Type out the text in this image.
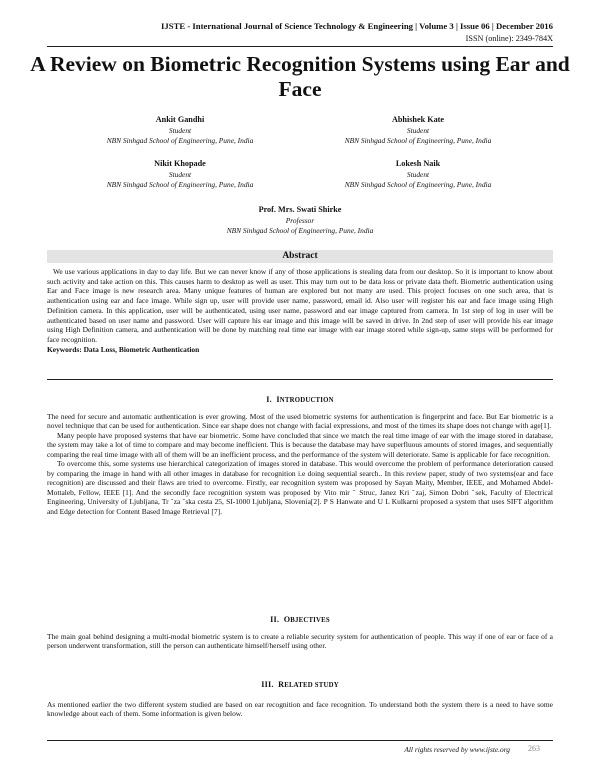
IJSTE - International Journal of Science Technology & Engineering | Volume 3 | Issue 06 | December 2016
ISSN (online): 2349-784X
A Review on Biometric Recognition Systems using Ear and Face
Ankit Gandhi
Student
NBN Sinhgad School of Engineering, Pune, India
Abhishek Kate
Student
NBN Sinhgad School of Engineering, Pune, India
Nikit Khopade
Student
NBN Sinhgad School of Engineering, Pune, India
Lokesh Naik
Student
NBN Sinhgad School of Engineering, Pune, India
Prof. Mrs. Swati Shirke
Professor
NBN Sinhgad School of Engineering, Pune, India
Abstract

We use various applications in day to day life. But we can never know if any of those applications is stealing data from our desktop. So it is important to know about such activity and take action on this. This causes harm to desktop as well as user. This may turn out to be data loss or private data theft. Biometric authentication using Ear and Face image is new research area. Many unique features of human are explored but not many are used. This project focuses on one such area, that is authentication using ear and face image. While sign up, user will provide user name, password, email id. Also user will register his ear and face image using High Definition camera. In this application, user will be authenticated, using user name, password and ear image captured from camera. In 1st step of log in user will be authenticated based on user name and password. User will capture his ear image and this image will be saved in drive. In 2nd step of user will provide his ear image using High Definition camera, and authentication will be done by matching real time ear image with ear image stored while sign-up, same steps will be performed for face recognition.

Keywords: Data Loss, Biometric Authentication
I. INTRODUCTION

The need for secure and automatic authentication is ever growing. Most of the used biometric systems for authentication is fingerprint and face. But Ear biometric is a novel technique that can be used for authentication. Since ear shape does not change with facial expressions, and most of the times its shape does not change with age[1].

Many people have proposed systems that have ear biometric. Some have concluded that since we match the real time image of ear with the image stored in database, the system may take a lot of time to compare and may become inefficient. This is because the database may have superfluous amounts of stored images, and sequentially comparing the real time image with all of them will be an inefficient process, and the performance of the system will deteriorate. Same is applicable for face recognition.

To overcome this, some systems use hierarchical categorization of images stored in database. This would overcome the problem of performance deterioration caused by comparing the image in hand with all other images in database for recognition i.e doing sequential search.. In this review paper, study of two systems(ear and face recognition) are discussed and their flaws are tried to overcome. Firstly, ear recognition system was proposed by Sayan Maity, Member, IEEE, and Mohamed Abdel-Mottaleb, Fellow, IEEE [1]. And the secondly face recognition system was proposed by Vito mir ˇ Struc, Janez Kri ˇzaj, Simon Dobri ˇsek, Faculty of Electrical Engineering, University of Ljubljana, Tr ˇza ˇska cesta 25, SI-1000 Ljubljana, Slovenia[2]. P S Hanwate and U L Kulkarni proposed a system that uses SIFT algorithm and Edge detection for Content Based Image Retrieval [7].

II. OBJECTIVES

The main goal behind designing a multi-modal biometric system is to create a reliable security system for authentication of people. This way if one of ear or face of a person underwent transformation, still the person can authenticate himself/herself using other.

III. RELATED STUDY

As mentioned earlier the two different system studied are based on ear recognition and face recognition. To understand both the system there is a need to have some knowledge about each of them. Some information is given below.

All rights reserved by www.ijste.org	263
